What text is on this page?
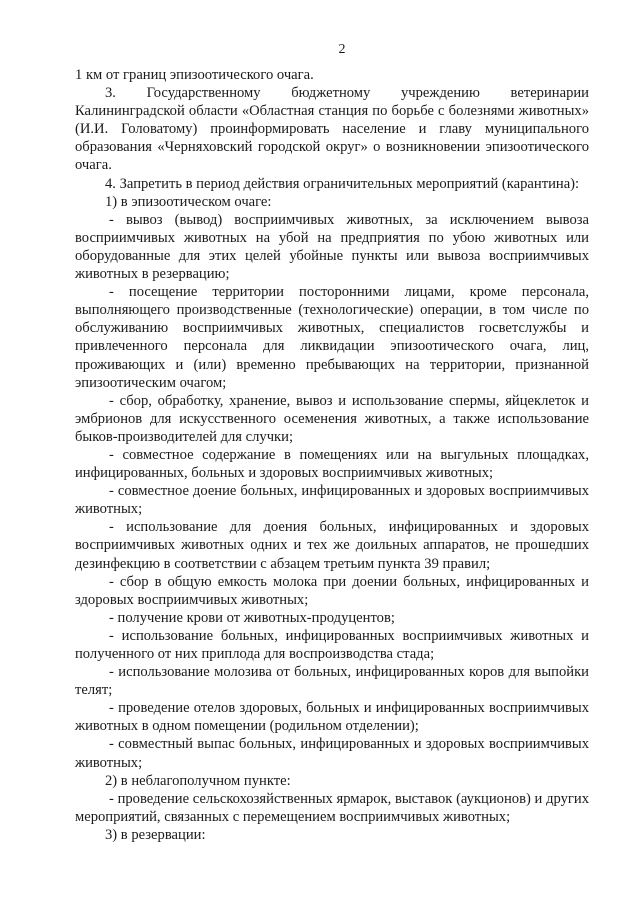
2

1 км от границ эпизоотического очага.

3. Государственному бюджетному учреждению ветеринарии Калининградской области «Областная станция по борьбе с болезнями животных» (И.И. Головатому) проинформировать население и главу муниципального образования «Черняховский городской округ» о возникновении эпизоотического очага.

4. Запретить в период действия ограничительных мероприятий (карантина):

1) в эпизоотическом очаге:

- вывоз (вывод) восприимчивых животных, за исключением вывоза восприимчивых животных на убой на предприятия по убою животных или оборудованные для этих целей убойные пункты или вывоза восприимчивых животных в резервацию;

- посещение территории посторонними лицами, кроме персонала, выполняющего производственные (технологические) операции, в том числе по обслуживанию восприимчивых животных, специалистов госветслужбы и привлеченного персонала для ликвидации эпизоотического очага, лиц, проживающих и (или) временно пребывающих на территории, признанной эпизоотическим очагом;

- сбор, обработку, хранение, вывоз и использование спермы, яйцеклеток и эмбрионов для искусственного осеменения животных, а также использование быков-производителей для случки;

- совместное содержание в помещениях или на выгульных площадках, инфицированных, больных и здоровых восприимчивых животных;

- совместное доение больных, инфицированных и здоровых восприимчивых животных;

- использование для доения больных, инфицированных и здоровых восприимчивых животных одних и тех же доильных аппаратов, не прошедших дезинфекцию в соответствии с абзацем третьим пункта 39 правил;

- сбор в общую емкость молока при доении больных, инфицированных и здоровых восприимчивых животных;

- получение крови от животных-продуцентов;

- использование больных, инфицированных восприимчивых животных и полученного от них приплода для воспроизводства стада;

- использование молозива от больных, инфицированных коров для выпойки телят;

- проведение отелов здоровых, больных и инфицированных восприимчивых животных в одном помещении (родильном отделении);

- совместный выпас больных, инфицированных и здоровых восприимчивых животных;

2) в неблагополучном пункте:

- проведение сельскохозяйственных ярмарок, выставок (аукционов) и других мероприятий, связанных с перемещением восприимчивых животных;

3) в резервации:
